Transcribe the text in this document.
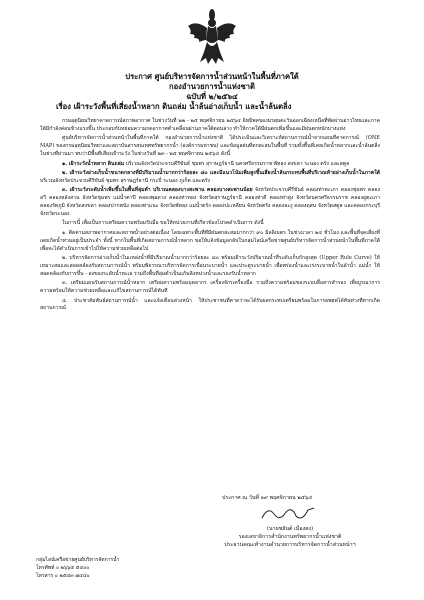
ประกาศ ศูนย์บริหารจัดการน้ำส่วนหน้าในพื้นที่ภาคใต้
กองอำนวยการน้ำแห่งชาติ
ฉบับที่ ๒/๒๕๖๔
เรื่อง เฝ้าระวังพื้นที่เสี่ยงน้ำหลาก ดินถล่ม น้ำล้นอ่างเก็บน้ำ และน้ำล้นตลิ่ง

กรมอุตุนิยมวิทยาคาดการณ์สภาพอากาศ ในช่วงวันที่ ๒๒ - ๒๕ พฤศจิกายน ๒๕๖๔ อิทธิพลของมรสุมตะวันออกเฉียงเหนือที่พัดผ่านอ่าวไทยและภาคใต้มีกำลังค่อนข้างแรงขึ้น ประกอบกับหย่อมความกดอากาศต่ำเคลื่อนผ่านภาคใต้ตอนล่าง ทำให้ภาคใต้มีฝนตกเพิ่มขึ้นและมีฝนตกหนักบางแห่ง

ศูนย์บริหารจัดการน้ำส่วนหน้าในพื้นที่ภาคใต้ กองอำนวยการน้ำแห่งชาติ ได้ประเมินและวิเคราะห์สถานการณ์น้ำจากแผนที่คาดการณ์ (ONE MAP) ของกรมอุตุนิยมวิทยาและสถาบันสารสนเทศทรัพยากรน้ำ (องค์การมหาชน) และข้อมูลฝนที่ตกสะสมในพื้นที่ รวมทั้งพื้นที่เคยเกิดน้ำหลากและน้ำล้นตลิ่งในช่วงที่ผ่านมา พบว่ามีพื้นที่เสี่ยงเฝ้าระวัง ในช่วงวันที่ ๒๓ - ๒๕ พฤศจิกายน ๒๕๖๔ ดังนี้

๑. เฝ้าระวังน้ำหลาก ดินถล่ม บริเวณจังหวัดประจวบคีรีขันธ์ ชุมพร สุราษฎร์ธานี นครศรีธรรมราช พัทลุง สงขลา ระนอง ตรัง และสตูล

๒. เฝ้าระวังอ่างเก็บน้ำขนาดกลางที่มีปริมาณน้ำมากกว่าร้อยละ ๘๐ และมีแนวโน้มเพิ่มสูงขึ้นเสี่ยงน้ำล้นกระทบพื้นที่บริเวณท้ายอ่างเก็บน้ำในภาคใต้ บริเวณจังหวัดประจวบคีรีขันธ์ ชุมพร สุราษฎร์ธานี กระบี่ ระนอง ภูเก็ต และตรัง

๓. เฝ้าระวังระดับน้ำเพิ่มขึ้นในพื้นที่ลุ่มต่ำ บริเวณคลองบางสะพาน คลองบางสะพานน้อย จังหวัดประจวบคีรีขันธ์ คลองท่าตะเภา คลองชุมพร คลองสวี คลองหลังสวน จังหวัดชุมพร แม่น้ำตาปี คลองพุมดวง คลองท่าทอง จังหวัดสุราษฎร์ธานี คลองท่าดี คลองท่าสูง จังหวัดนครศรีธรรมราช คลองอู่ตะเภา คลองรัตภูมิ จังหวัดสงขลา คลองปากพนัง คลองท่าแนะ จังหวัดพัทลุง แม่น้ำตรัง คลองปะเหลียน จังหวัดตรัง คลองละงู คลองดุสน จังหวัดสตูล และคลองกระบุรี จังหวัดระนอง

ในการนี้ เพื่อเป็นการเตรียมความพร้อมรับมือ ขอให้หน่วยงานที่เกี่ยวข้องโปรดดำเนินการ ดังนี้

๑. ติดตามสภาพอากาศและสภาพน้ำอย่างต่อเนื่อง โดยเฉพาะพื้นที่ที่มีฝนตกสะสมมากกว่า ๙๐ มิลลิเมตร ในช่วงเวลา ๒๔ ชั่วโมง และพื้นที่จุดเสี่ยงที่เคยเกิดน้ำท่วมอยู่เป็นประจำ ทั้งนี้ หากในพื้นที่เกิดสถานการณ์น้ำหลาก ขอให้แจ้งข้อมูลกลับในกลุ่มไลน์เครือข่ายศูนย์บริหารจัดการน้ำส่วนหน้าในพื้นที่ภาคใต้ เพื่อจะได้ดำเนินการเข้าไปให้ความช่วยเหลือต่อไป

๒. บริหารจัดการอ่างเก็บน้ำในแหล่งน้ำที่มีปริมาณน้ำมากกว่าร้อยละ ๘๐ พร้อมเฝ้าระวังปริมาณน้ำที่ระดับเก็บกักสูงสุด (Upper Rule Curve) ให้เหมาะสมและสอดคล้องกับสถานการณ์น้ำ พร้อมพิจารณาบริหารจัดการเขื่อนระบายน้ำ และประตูระบายน้ำ เพื่อพร่องน้ำและเร่งระบายน้ำในลำน้ำ แม่น้ำ ให้สอดคล้องกับการขึ้น - ลงของระดับน้ำทะเล รวมถึงพื้นที่ลุ่มต่ำเป็นแก้มลิงหน่วงน้ำและรองรับน้ำหลาก

๓. เตรียมแผนรับสถานการณ์น้ำหลาก เตรียมความพร้อมบุคลากร เครื่องจักรเครื่องมือ รวมถึงความพร้อมของระบบสื่อสารสำรอง เพื่อบูรณาการความพร้อมให้ความช่วยเหลือและแก้ไขสถานการณ์ได้ทันที

๔. ประชาสัมพันธ์สถานการณ์น้ำ และแจ้งเตือนล่วงหน้า ให้ประชาชนที่คาดว่าจะได้รับผลกระทบเตรียมพร้อมในการอพยพได้ทันท่วงทีหากเกิดสถานการณ์

ประกาศ ณ วันที่ ๑๙ พฤศจิกายน ๒๕๖๔
(นายชยันต์ เมืองสง)
รองเลขาธิการสำนักงานทรัพยากรน้ำแห่งชาติ
ประธานคณะทำงานอำนวยการบริหารจัดการน้ำส่วนหน้าฯ
กลุ่มไลน์เครือข่ายศูนย์บริหารจัดการน้ำ
โทรศัพท์ ๐ ๒๖๖๕ ๕๔๐๐
โทรสาร ๐ ๒๕๔๓ ๗๔๔๐
